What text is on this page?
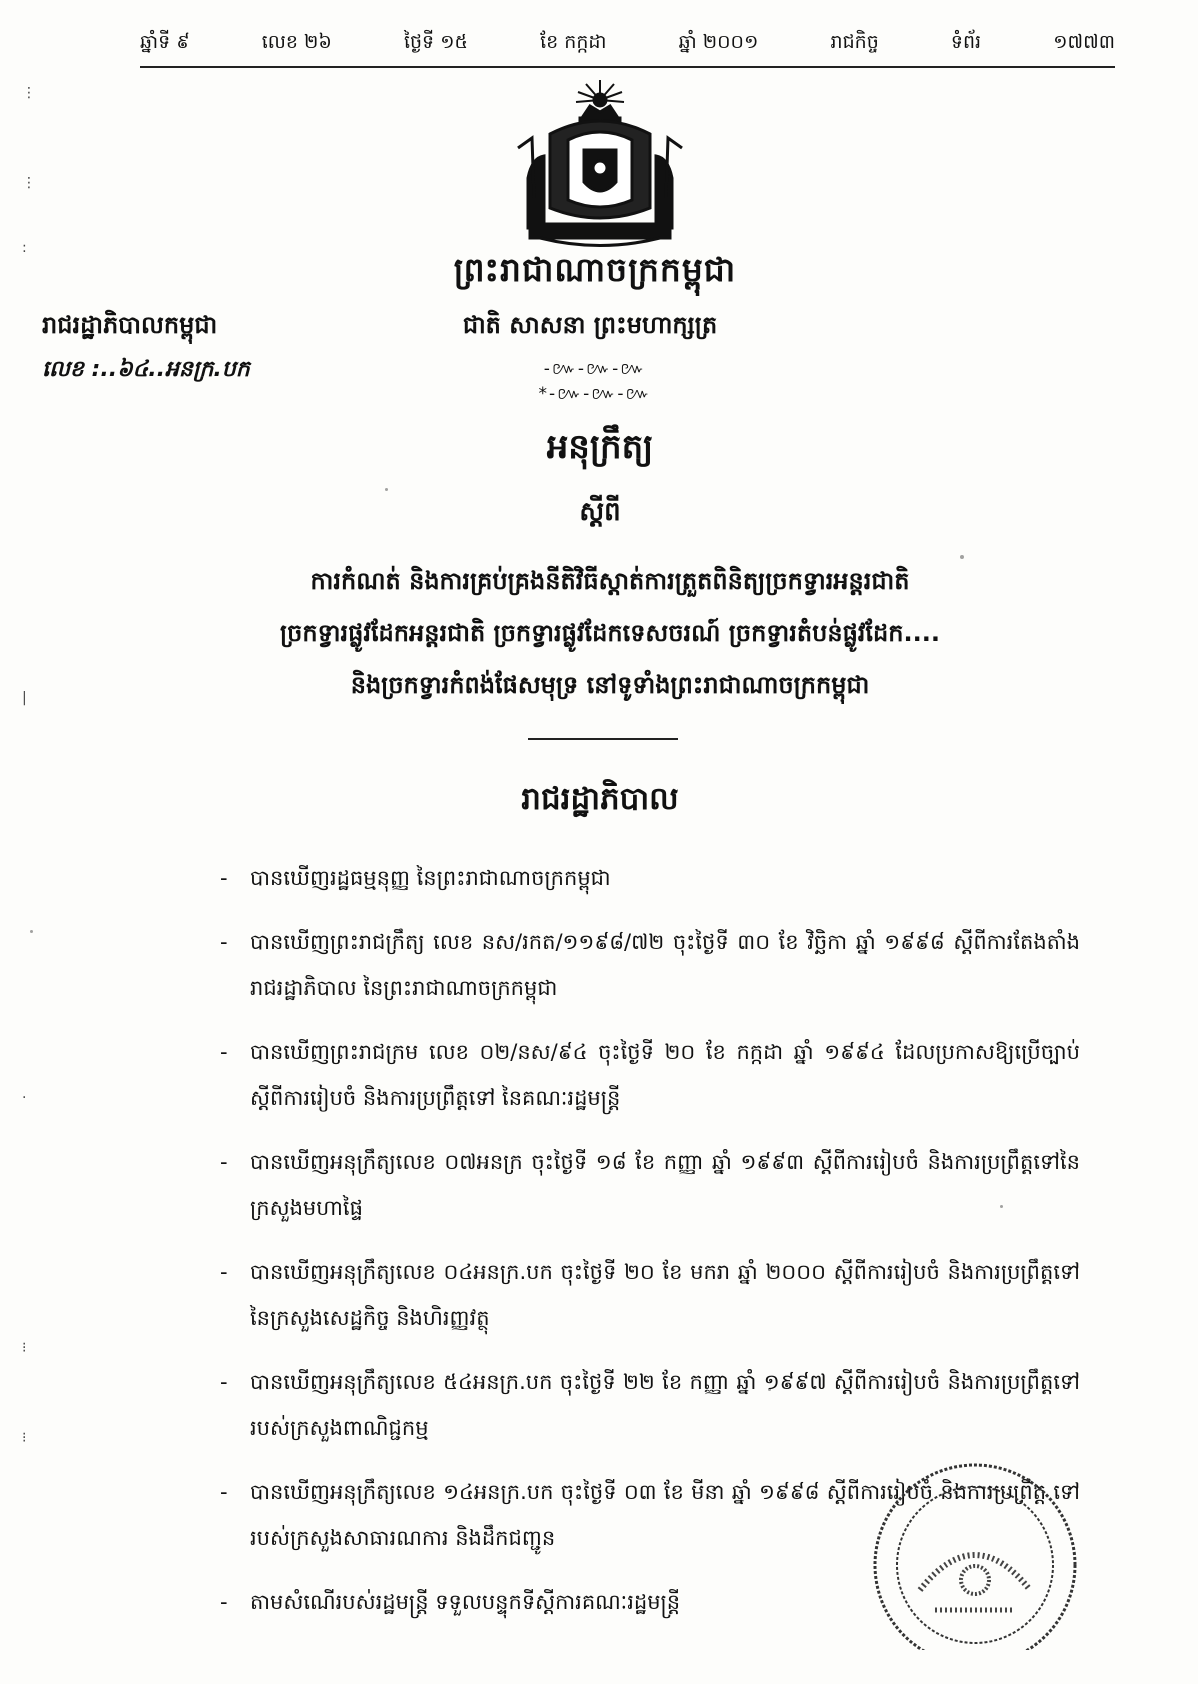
⋮
⋮
:
|
·
⁝
⁝
ឆ្នាំទី ៩	លេខ ២៦	ថ្ងៃទី ១៥	ខែ កក្កដា	ឆ្នាំ ២០០១	រាជកិច្ច	ទំព័រ	១៧៧៣
ព្រះរាជាណាចក្រកម្ពុជា
ជាតិ សាសនា ព្រះមហាក្សត្រ
-៚-៚-៚*-៚-៚-៚
រាជរដ្ឋាភិបាលកម្ពុជា
លេខ :..៦៤..អនក្រ.បក
អនុក្រឹត្យ
ស្តីពី
ការកំណត់ និងការគ្រប់គ្រងនីតិវិធីស្ដាត់ការត្រួតពិនិត្យច្រកទ្វារអន្តរជាតិ
ច្រកទ្វារផ្លូវដែកអន្តរជាតិ ច្រកទ្វារផ្លូវដែកទេសចរណ៍ ច្រកទ្វារតំបន់ផ្លូវដែក....
និងច្រកទ្វារកំពង់ផែសមុទ្រ នៅទូទាំងព្រះរាជាណាចក្រកម្ពុជា
រាជរដ្ឋាភិបាល
- បានឃើញរដ្ឋធម្មនុញ្ញ នៃព្រះរាជាណាចក្រកម្ពុជា
- បានឃើញព្រះរាជក្រឹត្យ លេខ នស/រកត/១១៩៨/៧២ ចុះថ្ងៃទី ៣០ ខែ វិច្ឆិកា ឆ្នាំ ១៩៩៨ ស្តីពីការតែងតាំងរាជរដ្ឋាភិបាល នៃព្រះរាជាណាចក្រកម្ពុជា
- បានឃើញព្រះរាជក្រម លេខ ០២/នស/៩៤ ចុះថ្ងៃទី ២០ ខែ កក្កដា ឆ្នាំ ១៩៩៤ ដែលប្រកាសឱ្យប្រើច្បាប់ ស្តីពីការរៀបចំ និងការប្រព្រឹត្តទៅ នៃគណៈរដ្ឋមន្ត្រី
- បានឃើញអនុក្រឹត្យលេខ ០៧អនក្រ ចុះថ្ងៃទី ១៨ ខែ កញ្ញា ឆ្នាំ ១៩៩៣ ស្តីពីការរៀបចំ និងការប្រព្រឹត្តទៅនៃក្រសួងមហាផ្ទៃ
- បានឃើញអនុក្រឹត្យលេខ ០៤អនក្រ.បក ចុះថ្ងៃទី ២០ ខែ មករា ឆ្នាំ ២០០០ ស្តីពីការរៀបចំ និងការប្រព្រឹត្តទៅនៃក្រសួងសេដ្ឋកិច្ច និងហិរញ្ញវត្ថុ
- បានឃើញអនុក្រឹត្យលេខ ៥៤អនក្រ.បក ចុះថ្ងៃទី ២២ ខែ កញ្ញា ឆ្នាំ ១៩៩៧ ស្តីពីការរៀបចំ និងការប្រព្រឹត្តទៅរបស់ក្រសួងពាណិជ្ជកម្ម
- បានឃើញអនុក្រឹត្យលេខ ១៤អនក្រ.បក ចុះថ្ងៃទី ០៣ ខែ មីនា ឆ្នាំ ១៩៩៨ ស្តីពីការរៀបចំ និងការប្រព្រឹត្ត ទៅរបស់ក្រសួងសាធារណការ និងដឹកជញ្ជូន
- តាមសំណើរបស់រដ្ឋមន្ត្រី ទទួលបន្ទុកទីស្តីការគណៈរដ្ឋមន្ត្រី
